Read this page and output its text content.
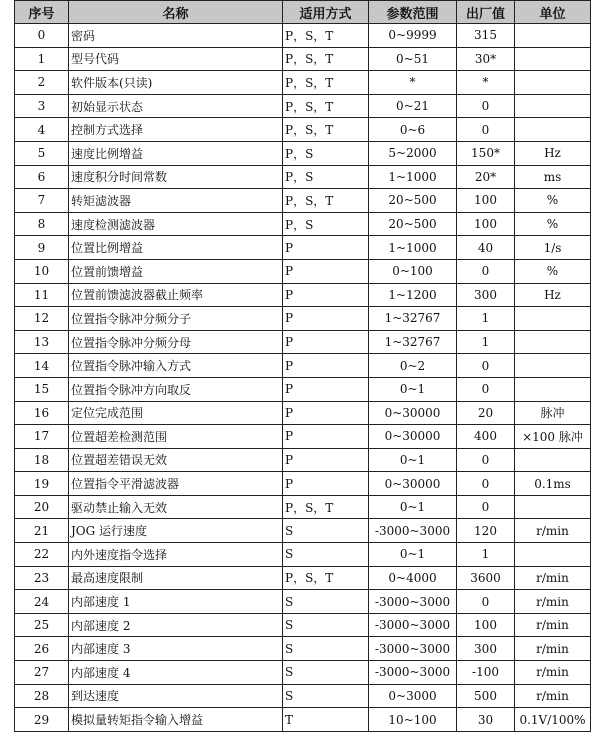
序号	名称	适用方式	参数范围	出厂值	单位
0	密码	P，S，T	0~9999	315	
1	型号代码	P，S，T	0~51	30*	
2	软件版本(只读)	P，S，T	*	*	
3	初始显示状态	P，S，T	0~21	0	
4	控制方式选择	P，S，T	0~6	0	
5	速度比例增益	P，S	5~2000	150*	Hz
6	速度积分时间常数	P，S	1~1000	20*	ms
7	转矩滤波器	P，S，T	20~500	100	%
8	速度检测滤波器	P，S	20~500	100	%
9	位置比例增益	P	1~1000	40	1/s
10	位置前馈增益	P	0~100	0	%
11	位置前馈滤波器截止频率	P	1~1200	300	Hz
12	位置指令脉冲分频分子	P	1~32767	1	
13	位置指令脉冲分频分母	P	1~32767	1	
14	位置指令脉冲输入方式	P	0~2	0	
15	位置指令脉冲方向取反	P	0~1	0	
16	定位完成范围	P	0~30000	20	脉冲
17	位置超差检测范围	P	0~30000	400	×100 脉冲
18	位置超差错误无效	P	0~1	0	
19	位置指令平滑滤波器	P	0~30000	0	0.1ms
20	驱动禁止输入无效	P，S，T	0~1	0	
21	JOG 运行速度	S	-3000~3000	120	r/min
22	内外速度指令选择	S	0~1	1	
23	最高速度限制	P，S，T	0~4000	3600	r/min
24	内部速度 1	S	-3000~3000	0	r/min
25	内部速度 2	S	-3000~3000	100	r/min
26	内部速度 3	S	-3000~3000	300	r/min
27	内部速度 4	S	-3000~3000	-100	r/min
28	到达速度	S	0~3000	500	r/min
29	模拟量转矩指令输入增益	T	10~100	30	0.1V/100%
